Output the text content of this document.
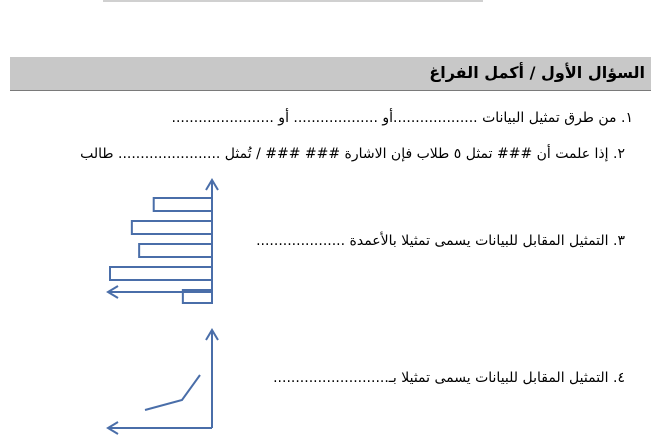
السؤال الأول / أكمل الفراغ
١. من طرق تمثيل البيانات ...................أو ................... أو .......................
٢. إذا علمت أن ### تمثل ٥ طلاب فإن الاشارة ### ### / تُمثل ....................... طالب
٣. التمثيل المقابل للبيانات يسمى تمثيلا بالأعمدة ....................
٤. التمثيل المقابل للبيانات يسمى تمثيلا بـ..........................
